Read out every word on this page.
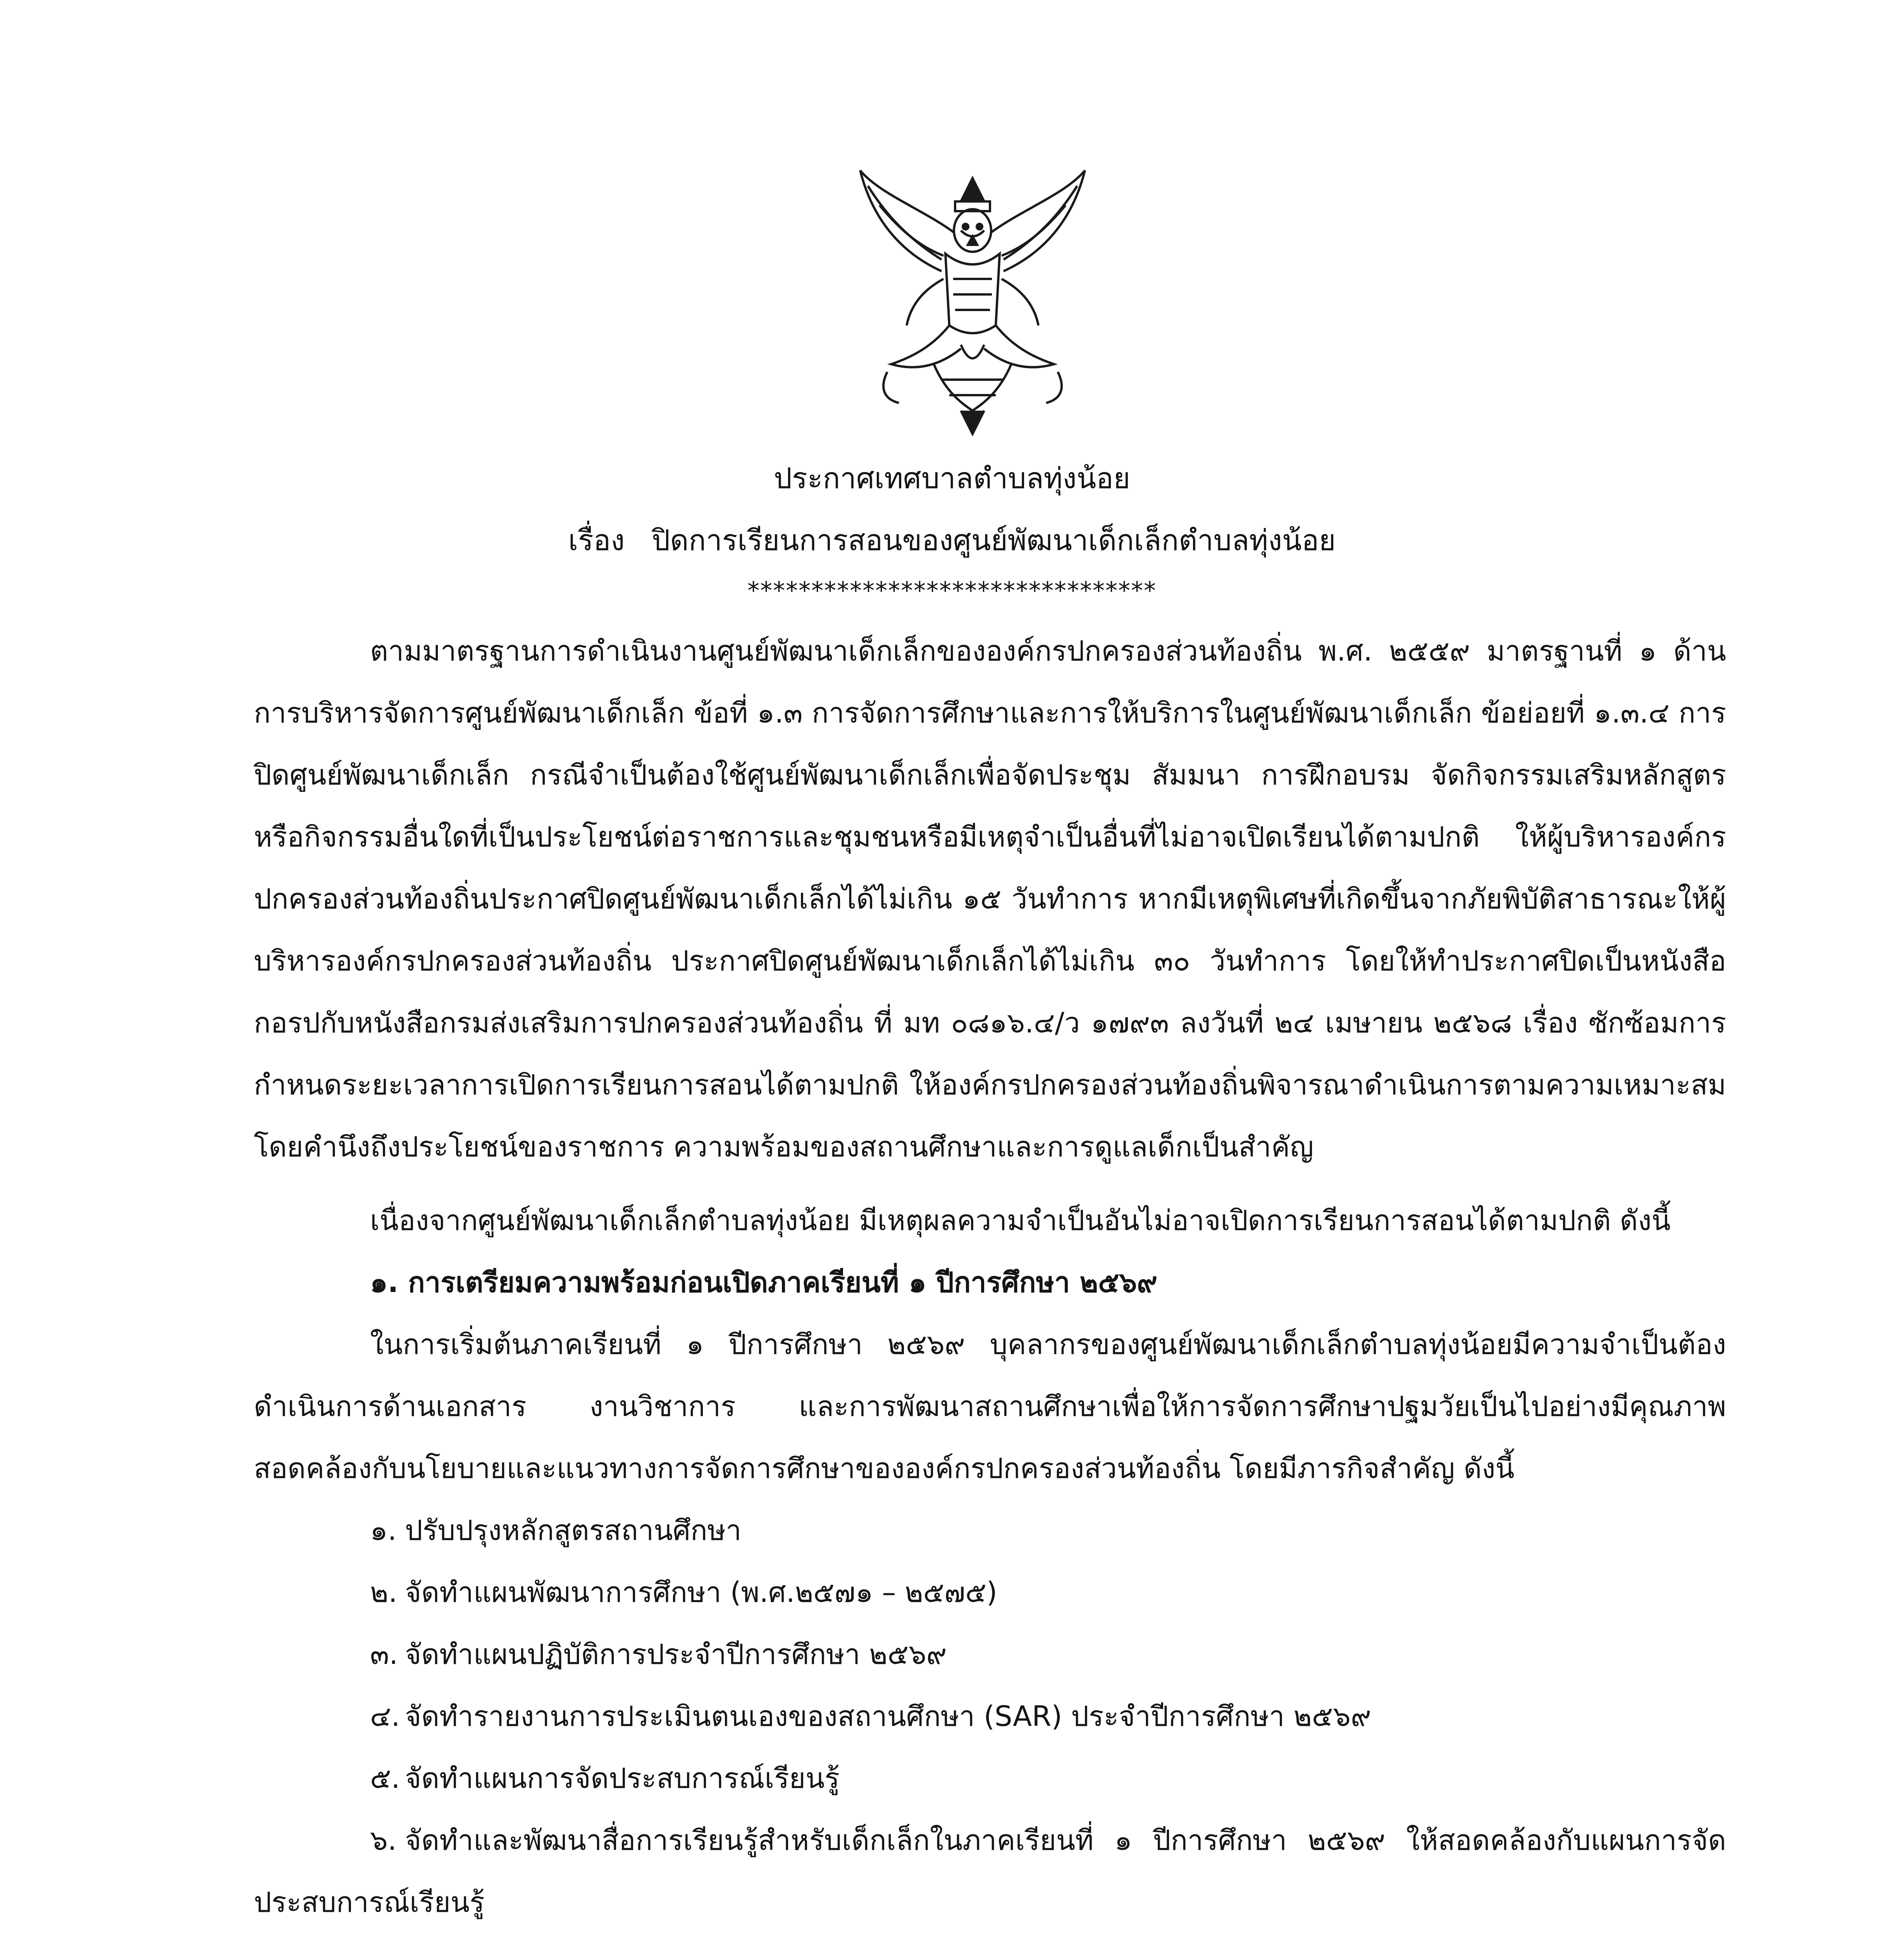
ประกาศเทศบาลตำบลทุ่งน้อย
เรื่อง ปิดการเรียนการสอนของศูนย์พัฒนาเด็กเล็กตำบลทุ่งน้อย
********************************

ตามมาตรฐานการดำเนินงานศูนย์พัฒนาเด็กเล็กขององค์กรปกครองส่วนท้องถิ่น พ.ศ. ๒๕๕๙ มาตรฐานที่ ๑ ด้านการบริหารจัดการศูนย์พัฒนาเด็กเล็ก ข้อที่ ๑.๓ การจัดการศึกษาและการให้บริการในศูนย์พัฒนาเด็กเล็ก ข้อย่อยที่ ๑.๓.๔ การปิดศูนย์พัฒนาเด็กเล็ก กรณีจำเป็นต้องใช้ศูนย์พัฒนาเด็กเล็กเพื่อจัดประชุม สัมมนา การฝึกอบรม จัดกิจกรรมเสริมหลักสูตร หรือกิจกรรมอื่นใดที่เป็นประโยชน์ต่อราชการและชุมชนหรือมีเหตุจำเป็นอื่นที่ไม่อาจเปิดเรียนได้ตามปกติ ให้ผู้บริหารองค์กรปกครองส่วนท้องถิ่นประกาศปิดศูนย์พัฒนาเด็กเล็กได้ไม่เกิน ๑๕ วันทำการ หากมีเหตุพิเศษที่เกิดขึ้นจากภัยพิบัติสาธารณะให้ผู้บริหารองค์กรปกครองส่วนท้องถิ่น ประกาศปิดศูนย์พัฒนาเด็กเล็กได้ไม่เกิน ๓๐ วันทำการ โดยให้ทำประกาศปิดเป็นหนังสือ กอรปกับหนังสือกรมส่งเสริมการปกครองส่วนท้องถิ่น ที่ มท ๐๘๑๖.๔/ว ๑๗๙๓ ลงวันที่ ๒๔ เมษายน ๒๕๖๘ เรื่อง ซักซ้อมการกำหนดระยะเวลาการเปิดการเรียนการสอนได้ตามปกติ ให้องค์กรปกครองส่วนท้องถิ่นพิจารณาดำเนินการตามความเหมาะสม โดยคำนึงถึงประโยชน์ของราชการ ความพร้อมของสถานศึกษาและการดูแลเด็กเป็นสำคัญ

เนื่องจากศูนย์พัฒนาเด็กเล็กตำบลทุ่งน้อย มีเหตุผลความจำเป็นอันไม่อาจเปิดการเรียนการสอนได้ตามปกติ ดังนี้

๑. การเตรียมความพร้อมก่อนเปิดภาคเรียนที่ ๑ ปีการศึกษา ๒๕๖๙

ในการเริ่มต้นภาคเรียนที่ ๑ ปีการศึกษา ๒๕๖๙ บุคลากรของศูนย์พัฒนาเด็กเล็กตำบลทุ่งน้อยมีความจำเป็นต้องดำเนินการด้านเอกสาร งานวิชาการ และการพัฒนาสถานศึกษาเพื่อให้การจัดการศึกษาปฐมวัยเป็นไปอย่างมีคุณภาพ สอดคล้องกับนโยบายและแนวทางการจัดการศึกษาขององค์กรปกครองส่วนท้องถิ่น โดยมีภารกิจสำคัญ ดังนี้

๑. ปรับปรุงหลักสูตรสถานศึกษา

๒. จัดทำแผนพัฒนาการศึกษา (พ.ศ.๒๕๗๑ – ๒๕๗๕)

๓. จัดทำแผนปฏิบัติการประจำปีการศึกษา ๒๕๖๙

๔. จัดทำรายงานการประเมินตนเองของสถานศึกษา (SAR) ประจำปีการศึกษา ๒๕๖๙

๕. จัดทำแผนการจัดประสบการณ์เรียนรู้

๖. จัดทำและพัฒนาสื่อการเรียนรู้สำหรับเด็กเล็กในภาคเรียนที่ ๑ ปีการศึกษา ๒๕๖๙ ให้สอดคล้องกับแผนการจัดประสบการณ์เรียนรู้
